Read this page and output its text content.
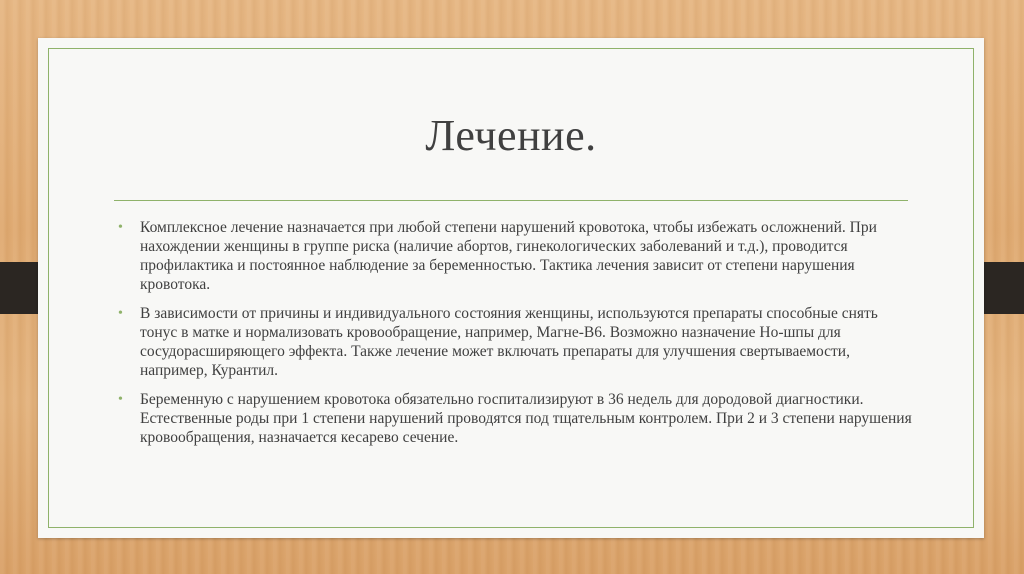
Лечение.
• Комплексное лечение назначается при любой степени нарушений кровотока, чтобы избежать осложнений. При нахождении женщины в группе риска (наличие абортов, гинекологических заболеваний и т.д.), проводится профилактика и постоянное наблюдение за беременностью. Тактика лечения зависит от степени нарушения кровотока.
• В зависимости от причины и индивидуального состояния женщины, используются препараты способные снять тонус в матке и нормализовать кровообращение, например, Магне-В6. Возможно назначение Но-шпы для сосудорасширяющего эффекта. Также лечение может включать препараты для улучшения свертываемости, например, Курантил.
• Беременную с нарушением кровотока обязательно госпитализируют в 36 недель для дородовой диагностики. Естественные роды при 1 степени нарушений проводятся под тщательным контролем. При 2 и 3 степени нарушения кровообращения, назначается кесарево сечение.
